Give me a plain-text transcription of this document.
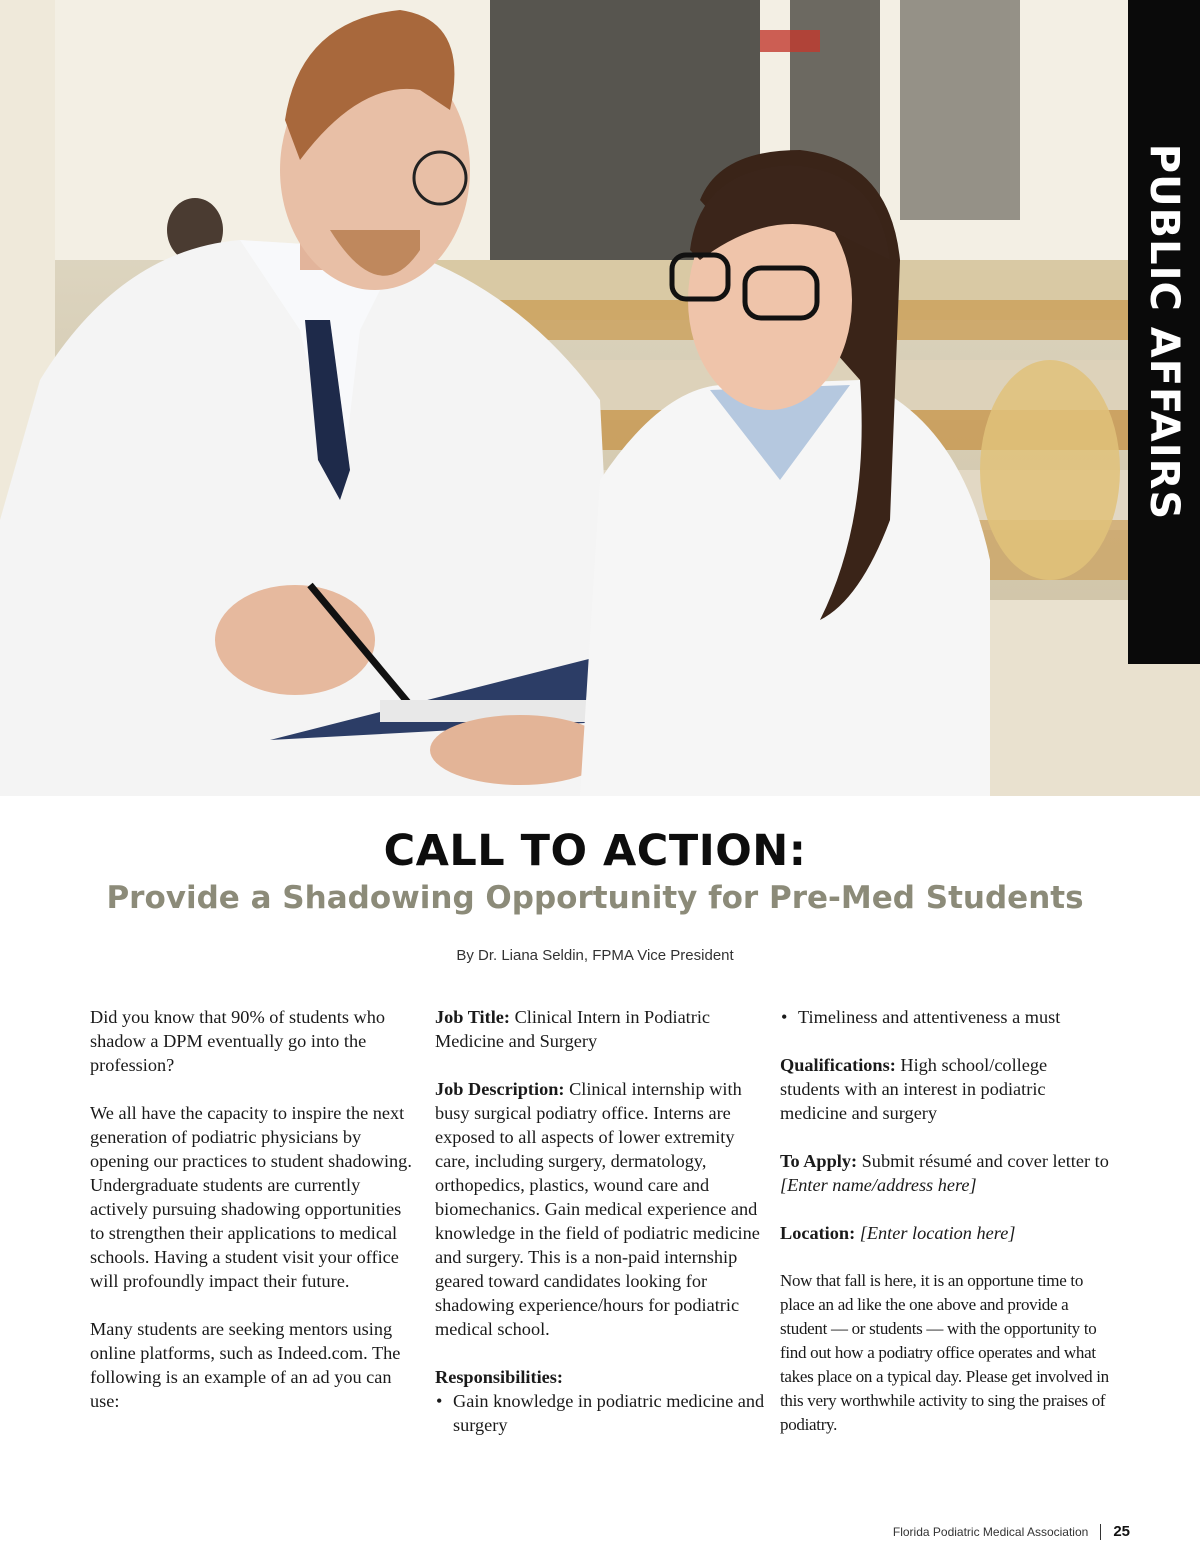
PUBLIC AFFAIRS
CALL TO ACTION:
Provide a Shadowing Opportunity for Pre-Med Students
By Dr. Liana Seldin, FPMA Vice President

Did you know that 90% of students who shadow a DPM eventually go into the profession?

We all have the capacity to inspire the next generation of podiatric physicians by opening our practices to student shadowing. Undergraduate students are currently actively pursuing shadowing opportunities to strengthen their applications to medical schools. Having a student visit your office will profoundly impact their future.

Many students are seeking mentors using online platforms, such as Indeed.com. The following is an example of an ad you can use:

Job Title: Clinical Intern in Podiatric Medicine and Surgery

Job Description: Clinical internship with busy surgical podiatry office. Interns are exposed to all aspects of lower extremity care, including surgery, dermatology, orthopedics, plastics, wound care and biomechanics. Gain medical experience and knowledge in the field of podiatric medicine and surgery. This is a non-paid internship geared toward candidates looking for shadowing experience/hours for podiatric medical school.

Responsibilities:
• Gain knowledge in podiatric medicine and surgery
• Timeliness and attentiveness a must

Qualifications: High school/college students with an interest in podiatric medicine and surgery

To Apply: Submit résumé and cover letter to [Enter name/address here]

Location: [Enter location here]

Now that fall is here, it is an opportune time to place an ad like the one above and provide a student — or students — with the opportunity to find out how a podiatry office operates and what takes place on a typical day. Please get involved in this very worthwhile activity to sing the praises of podiatry.

Florida Podiatric Medical Association 25
